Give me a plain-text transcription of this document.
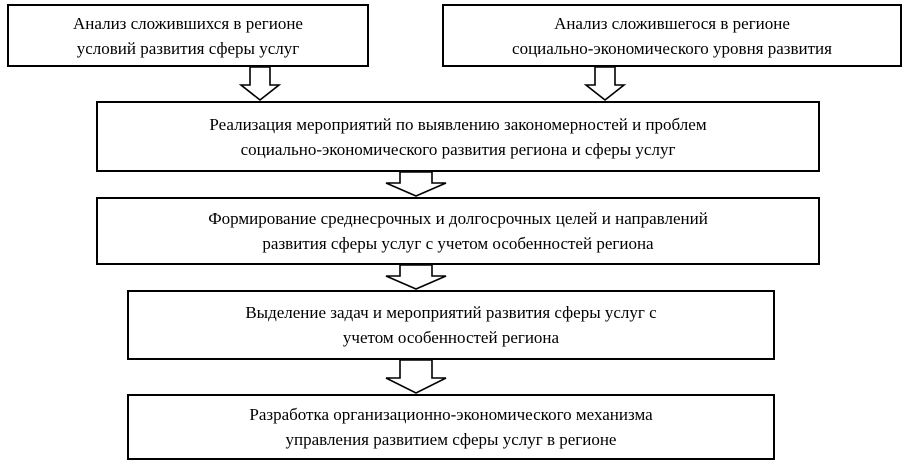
Анализ сложившихся в регионе
условий развития сферы услуг
Анализ сложившегося в регионе
социально-экономического уровня развития
Реализация мероприятий по выявлению закономерностей и проблем
социально-экономического развития региона и сферы услуг
Формирование среднесрочных и долгосрочных целей и направлений
развития сферы услуг с учетом особенностей региона
Выделение задач и мероприятий развития сферы услуг с
учетом особенностей региона
Разработка организационно-экономического механизма
управления развитием сферы услуг в регионе
